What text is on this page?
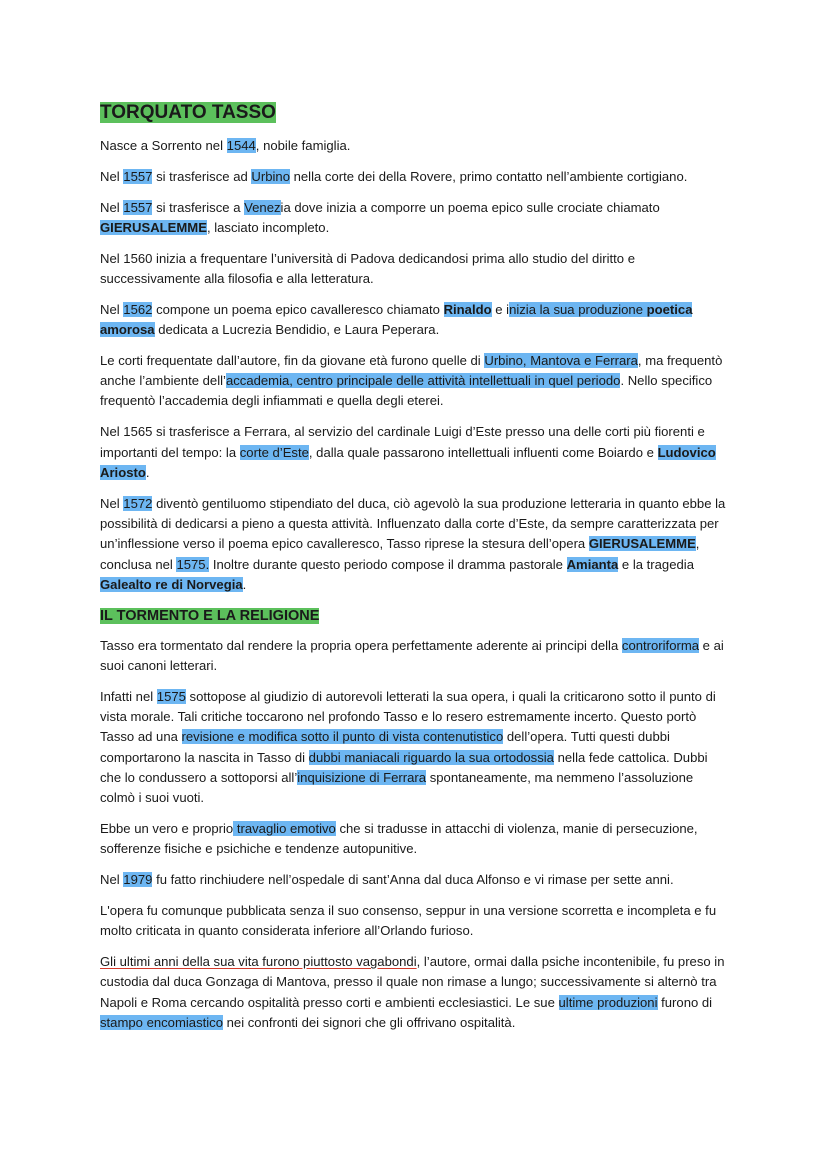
TORQUATO TASSO

Nasce a Sorrento nel 1544, nobile famiglia.

Nel 1557 si trasferisce ad Urbino nella corte dei della Rovere, primo contatto nell’ambiente cortigiano.

Nel 1557 si trasferisce a Venezia dove inizia a comporre un poema epico sulle crociate chiamato GIERUSALEMME, lasciato incompleto.

Nel 1560 inizia a frequentare l’università di Padova dedicandosi prima allo studio del diritto e successivamente alla filosofia e alla letteratura.

Nel 1562 compone un poema epico cavalleresco chiamato Rinaldo e inizia la sua produzione poetica amorosa dedicata a Lucrezia Bendidio, e Laura Peperara.

Le corti frequentate dall’autore, fin da giovane età furono quelle di Urbino, Mantova e Ferrara, ma frequentò anche l’ambiente dell’accademia, centro principale delle attività intellettuali in quel periodo. Nello specifico frequentò l’accademia degli infiammati e quella degli eterei.

Nel 1565 si trasferisce a Ferrara, al servizio del cardinale Luigi d’Este presso una delle corti più fiorenti e importanti del tempo: la corte d’Este, dalla quale passarono intellettuali influenti come Boiardo e Ludovico Ariosto.

Nel 1572 diventò gentiluomo stipendiato del duca, ciò agevolò la sua produzione letteraria in quanto ebbe la possibilità di dedicarsi a pieno a questa attività. Influenzato dalla corte d’Este, da sempre caratterizzata per un’inflessione verso il poema epico cavalleresco, Tasso riprese la stesura dell’opera GIERUSALEMME, conclusa nel 1575. Inoltre durante questo periodo compose il dramma pastorale Amianta e la tragedia Galealto re di Norvegia.

IL TORMENTO E LA RELIGIONE

Tasso era tormentato dal rendere la propria opera perfettamente aderente ai principi della controriforma e ai suoi canoni letterari.

Infatti nel 1575 sottopose al giudizio di autorevoli letterati la sua opera, i quali la criticarono sotto il punto di vista morale. Tali critiche toccarono nel profondo Tasso e lo resero estremamente incerto. Questo portò Tasso ad una revisione e modifica sotto il punto di vista contenutistico dell’opera. Tutti questi dubbi comportarono la nascita in Tasso di dubbi maniacali riguardo la sua ortodossia nella fede cattolica. Dubbi che lo condussero a sottoporsi all’inquisizione di Ferrara spontaneamente, ma nemmeno l’assoluzione colmò i suoi vuoti.

Ebbe un vero e proprio travaglio emotivo che si tradusse in attacchi di violenza, manie di persecuzione, sofferenze fisiche e psichiche e tendenze autopunitive.

Nel 1979 fu fatto rinchiudere nell’ospedale di sant’Anna dal duca Alfonso e vi rimase per sette anni.

L'opera fu comunque pubblicata senza il suo consenso, seppur in una versione scorretta e incompleta e fu molto criticata in quanto considerata inferiore all’Orlando furioso.

Gli ultimi anni della sua vita furono piuttosto vagabondi, l’autore, ormai dalla psiche incontenibile, fu preso in custodia dal duca Gonzaga di Mantova, presso il quale non rimase a lungo; successivamente si alternò tra Napoli e Roma cercando ospitalità presso corti e ambienti ecclesiastici. Le sue ultime produzioni furono di stampo encomiastico nei confronti dei signori che gli offrivano ospitalità.
